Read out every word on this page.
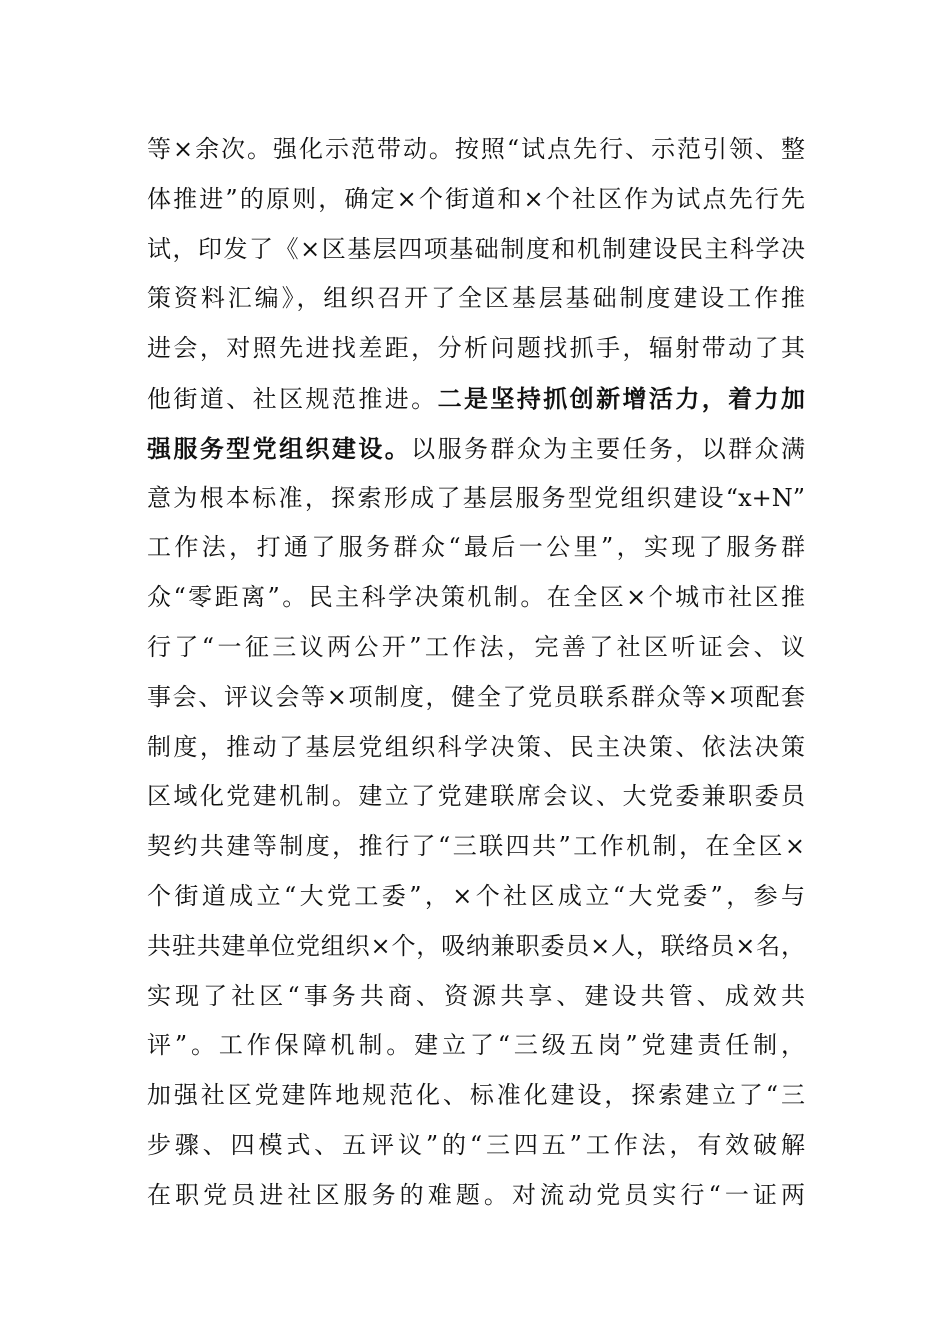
等×余次。强化示范带动。按照“试点先行、示范引领、整
体推进”的原则，确定×个街道和×个社区作为试点先行先
试，印发了《×区基层四项基础制度和机制建设民主科学决
策资料汇编》，组织召开了全区基层基础制度建设工作推
进会，对照先进找差距，分析问题找抓手，辐射带动了其
他街道、社区规范推进。二是坚持抓创新增活力，着力加
强服务型党组织建设。以服务群众为主要任务，以群众满
意为根本标准，探索形成了基层服务型党组织建设“x+N”
工作法，打通了服务群众“最后一公里”，实现了服务群
众“零距离”。民主科学决策机制。在全区×个城市社区推
行了“一征三议两公开”工作法，完善了社区听证会、议
事会、评议会等×项制度，健全了党员联系群众等×项配套
制度，推动了基层党组织科学决策、民主决策、依法决策
区域化党建机制。建立了党建联席会议、大党委兼职委员
契约共建等制度，推行了“三联四共”工作机制，在全区×
个街道成立“大党工委”，×个社区成立“大党委”，参与
共驻共建单位党组织×个，吸纳兼职委员×人，联络员×名，
实现了社区“事务共商、资源共享、建设共管、成效共
评”。工作保障机制。建立了“三级五岗”党建责任制，
加强社区党建阵地规范化、标准化建设，探索建立了“三
步骤、四模式、五评议”的“三四五”工作法，有效破解
在职党员进社区服务的难题。对流动党员实行“一证两
